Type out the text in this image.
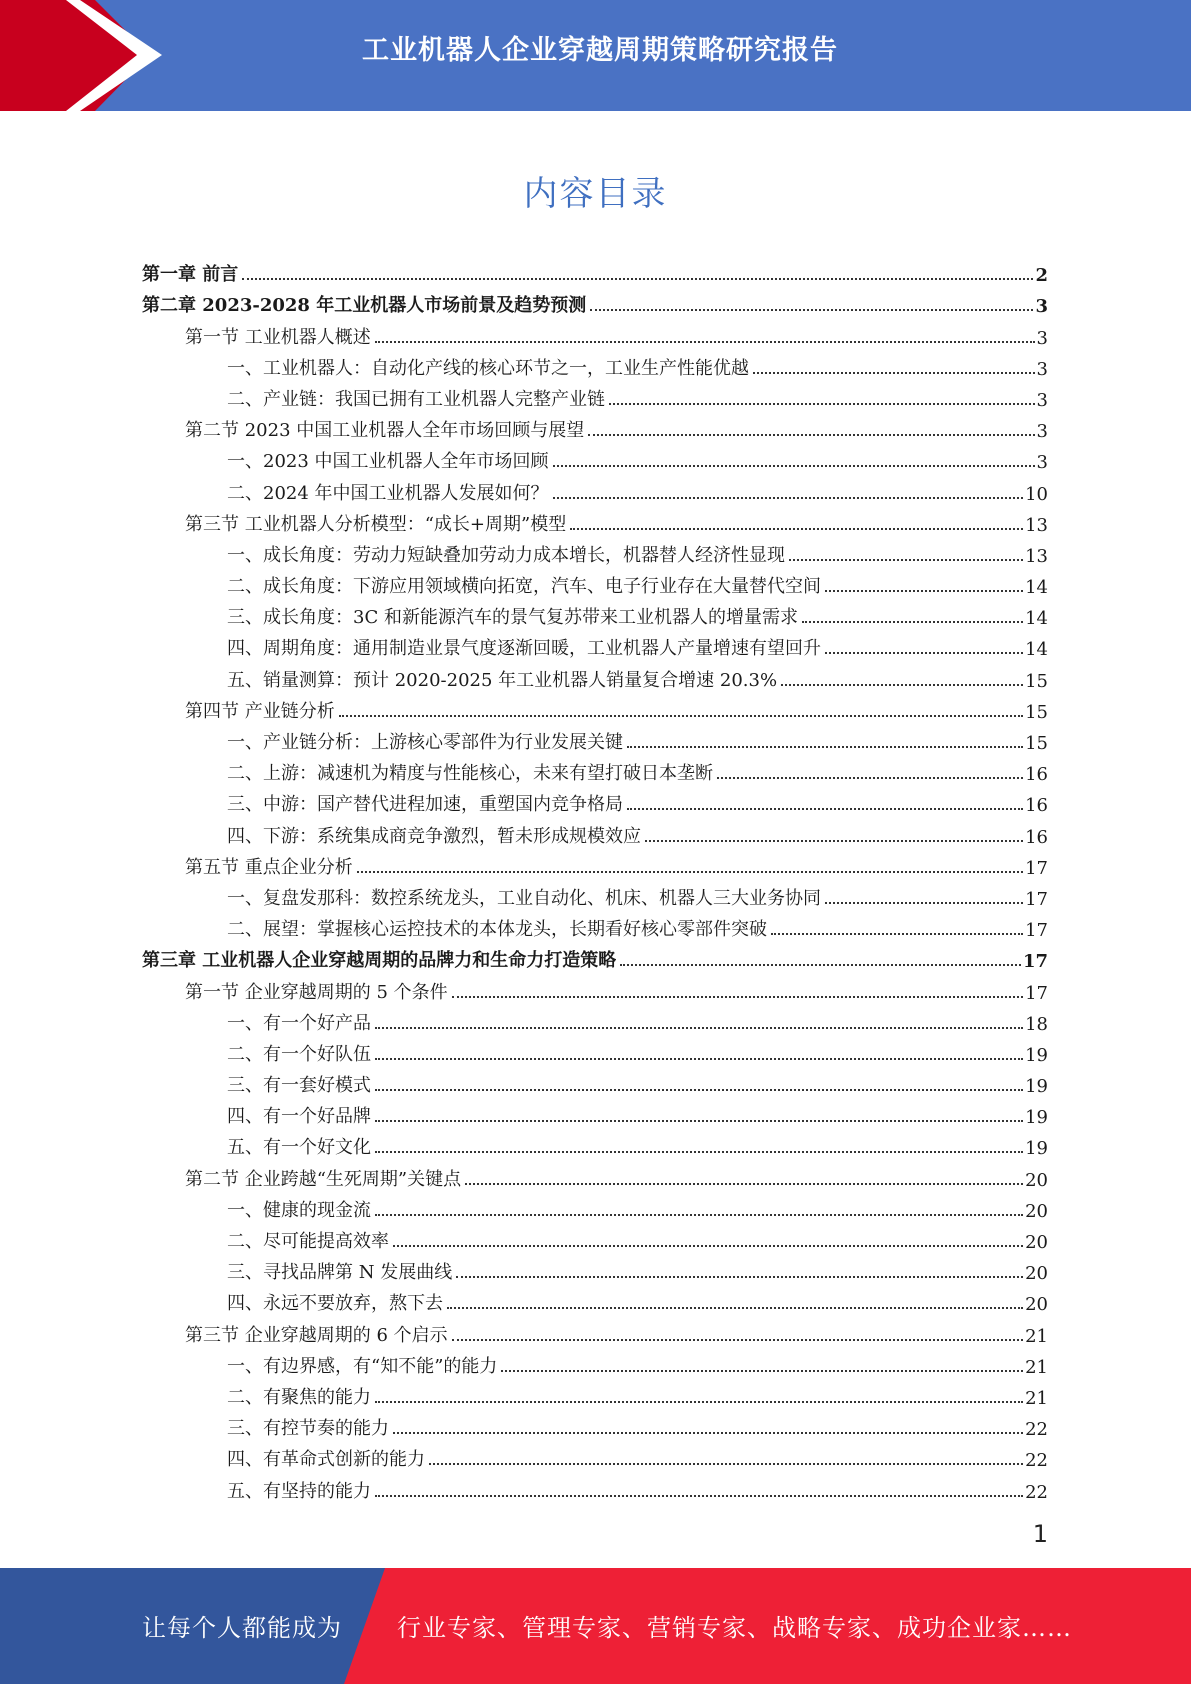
工业机器人企业穿越周期策略研究报告
内容目录
第一章 前言	2
第二章 2023-2028 年工业机器人市场前景及趋势预测	3
第一节 工业机器人概述	3
一、工业机器人：自动化产线的核心环节之一，工业生产性能优越	3
二、产业链：我国已拥有工业机器人完整产业链	3
第二节 2023 中国工业机器人全年市场回顾与展望	3
一、2023 中国工业机器人全年市场回顾	3
二、2024 年中国工业机器人发展如何？	10
第三节 工业机器人分析模型：“成长+周期”模型	13
一、成长角度：劳动力短缺叠加劳动力成本增长，机器替人经济性显现	13
二、成长角度：下游应用领域横向拓宽，汽车、电子行业存在大量替代空间	14
三、成长角度：3C 和新能源汽车的景气复苏带来工业机器人的增量需求	14
四、周期角度：通用制造业景气度逐渐回暖，工业机器人产量增速有望回升	14
五、销量测算：预计 2020-2025 年工业机器人销量复合增速 20.3%	15
第四节 产业链分析	15
一、产业链分析：上游核心零部件为行业发展关键	15
二、上游：减速机为精度与性能核心，未来有望打破日本垄断	16
三、中游：国产替代进程加速，重塑国内竞争格局	16
四、下游：系统集成商竞争激烈，暂未形成规模效应	16
第五节 重点企业分析	17
一、复盘发那科：数控系统龙头，工业自动化、机床、机器人三大业务协同	17
二、展望：掌握核心运控技术的本体龙头，长期看好核心零部件突破	17
第三章 工业机器人企业穿越周期的品牌力和生命力打造策略	17
第一节 企业穿越周期的 5 个条件	17
一、有一个好产品	18
二、有一个好队伍	19
三、有一套好模式	19
四、有一个好品牌	19
五、有一个好文化	19
第二节 企业跨越“生死周期”关键点	20
一、健康的现金流	20
二、尽可能提高效率	20
三、寻找品牌第 N 发展曲线	20
四、永远不要放弃，熬下去	20
第三节 企业穿越周期的 6 个启示	21
一、有边界感，有“知不能”的能力	21
二、有聚焦的能力	21
三、有控节奏的能力	22
四、有革命式创新的能力	22
五、有坚持的能力	22
1
让每个人都能成为 行业专家、管理专家、营销专家、战略专家、成功企业家……
